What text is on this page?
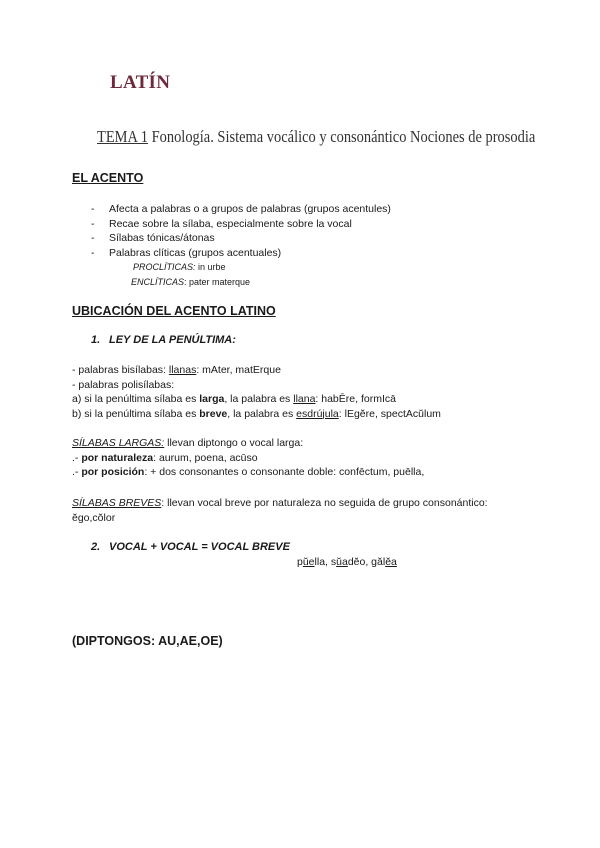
LATÍN
TEMA 1 Fonología. Sistema vocálico y consonántico Nociones de prosodia
EL ACENTO
- Afecta a palabras o a grupos de palabras (grupos acentules)
- Recae sobre la sílaba, especialmente sobre la vocal
- Sílabas tónicas/átonas
- Palabras clíticas (grupos acentuales)
PROCLÍTICAS: in urbe
ENCLÍTICAS: pater materque
UBICACIÓN DEL ACENTO LATINO
1. LEY DE LA PENÚLTIMA:
- palabras bisílabas: llanas: mAter, matErque
- palabras polisílabas:
a) si la penúltima sílaba es larga, la palabra es llana: habĒre, formIcā
b) si la penúltima sílaba es breve, la palabra es esdrújula: lEgĕre, spectAcŭlum
SÍLABAS LARGAS: llevan diptongo o vocal larga:
.- por naturaleza: aurum, poena, acūso
.- por posición: + dos consonantes o consonante doble: confēctum, puēlla,
SÍLABAS BREVES: llevan vocal breve por naturaleza no seguida de grupo consonántico:
ĕgo,cŏlor
2. VOCAL + VOCAL = VOCAL BREVE
pŭella, sŭadĕo, gălĕa
(DIPTONGOS: AU,AE,OE)
